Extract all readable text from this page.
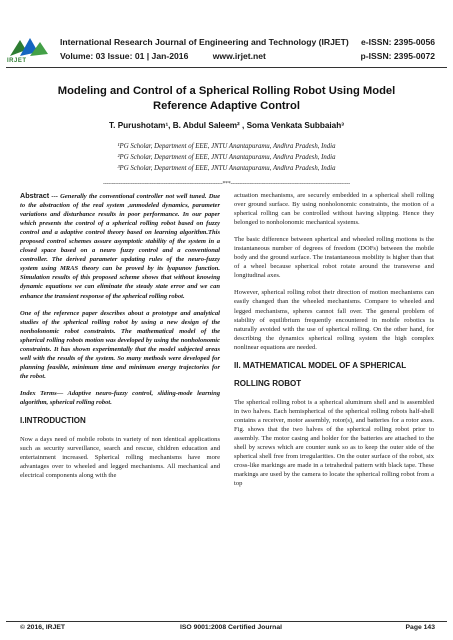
IRJET
International Research Journal of Engineering and Technology (IRJET)
Volume: 03 Issue: 01 | Jan-2016	www.irjet.net
e-ISSN: 2395-0056
p-ISSN: 2395-0072
Modeling and Control of a Spherical Rolling Robot Using Model
Reference Adaptive Control
T. Purushotam¹, B. Abdul Saleem² , Soma Venkata Subbaiah³
¹PG Scholar, Department of EEE, JNTU Anantapuramu, Andhra Pradesh, India
²PG Scholar, Department of EEE, JNTU Anantapuramu, Andhra Pradesh, India
³PG Scholar, Department of EEE, JNTU Anantapuramu, Andhra Pradesh, India
---------------------------------------------------------------------***---------------------------------------------------------------------

Abstract --- Generally the conventional controller not well tuned. Due to the abstraction of the real system ,unmodeled dynamics, parameter variations and disturbance results in poor performance. In our paper which presents the control of a spherical rolling robot based on fuzzy control and a adaptive control theory based on learning algorithm.This proposed control schemes assure asymptotic stability of the system in a closed space based on a neuro fuzzy control and a conventional controller. The derived parameter updating rules of the neuro-fuzzy system using MRAS theory can be proved by its lyapunov function. Simulation results of this proposed scheme shows that without knowing dynamic equations we can eliminate the steady state error and we can enhance the transient response of the spherical rolling robot.

One of the reference paper describes about a prototype and analytical studies of the spherical rolling robot by using a new design of the nonholonomic robot constraints. The mathematical model of the spherical rolling robots motion was developed by using the nonholonomic constraints. It has shown experimentally that the model subjected areas well with the results of the system. So many methods were developed for planning feasible, minimum time and minimum energy trajectories for the robot.

Index Terms— Adaptive neuro-fuzzy control, sliding-mode learning algorithm, spherical rolling robot.

I.INTRODUCTION

Now a days need of mobile robots in variety of non identical applications such as security surveillance, search and rescue, children education and entertainment increased. Spherical rolling mechanisms have more advantages over to wheeled and legged mechanisms. All mechanical and electrical components along with the

actuation mechanisms, are securely embedded in a spherical shell rolling over ground surface. By using nonholonomic constraints, the motion of a spherical rolling can be controlled without having slipping. Hence they belonged to nonholonomic mechanical systems.

The basic difference between spherical and wheeled rolling motions is the instantaneous number of degrees of freedom (DOFs) between the mobile body and the ground surface. The instantaneous mobility is higher than that of a wheel because spherical robot rotate around the transverse and longitudinal axes.

However, spherical rolling robot their direction of motion mechanisms can easily changed than the wheeled mechanisms. Compare to wheeled and legged mechanisms, spheres cannot fall over. The general problem of stability of equilibrium frequently encountered in mobile robotics is naturally avoided with the use of spherical rolling. On the other hand, for describing the dynamics spherical rolling system the high complex nonlinear equations are needed.

II. MATHEMATICAL MODEL OF A SPHERICAL
ROLLING ROBOT

The spherical rolling robot is a spherical aluminum shell and is assembled in two halves. Each hemispherical of the spherical rolling robots half-shell contains a receiver, motor assembly, rotor(s), and batteries for a rotor axes. Fig. shows that the two halves of the spherical rolling robot prior to assembly. The motor casing and holder for the batteries are attached to the shell by screws which are counter sunk so as to keep the outer side of the spherical shell free from irregularities. On the outer surface of the robot, six cross-like markings are made in a tetrahedral pattern with black tape. These markings are used by the camera to locate the spherical rolling robot from a top

© 2016, IRJET	ISO 9001:2008 Certified Journal	Page 143
